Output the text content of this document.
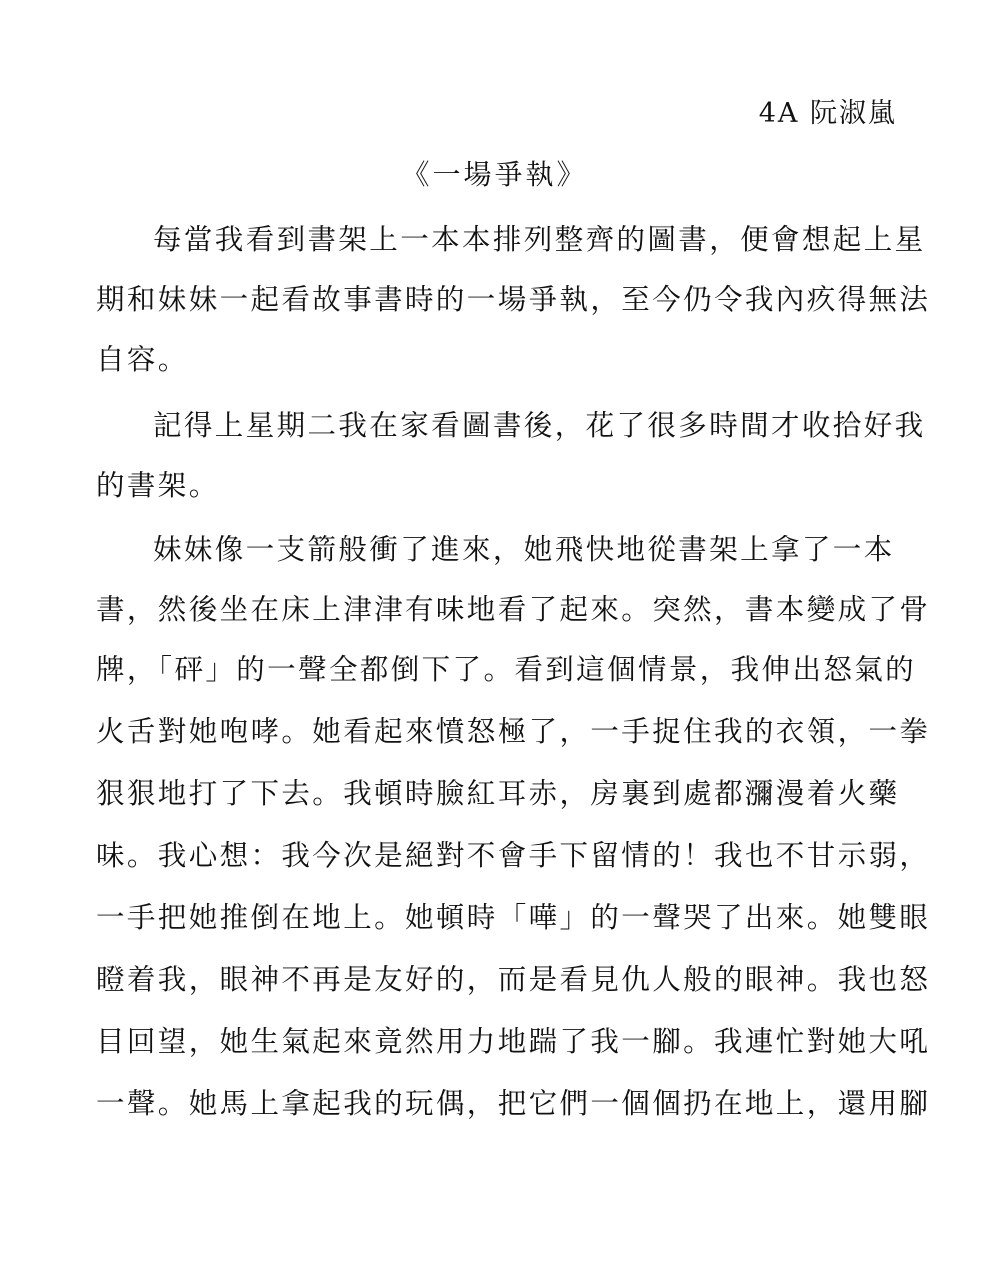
4A 阮淑嵐
《一場爭執》
每當我看到書架上一本本排列整齊的圖書，便會想起上星
期和妹妹一起看故事書時的一場爭執，至今仍令我內疚得無法
自容。
記得上星期二我在家看圖書後，花了很多時間才收拾好我
的書架。
妹妹像一支箭般衝了進來，她飛快地從書架上拿了一本
書，然後坐在床上津津有味地看了起來。突然，書本變成了骨
牌，「砰」的一聲全都倒下了。看到這個情景，我伸出怒氣的
火舌對她咆哮。她看起來憤怒極了，一手捉住我的衣領，一拳
狠狠地打了下去。我頓時臉紅耳赤，房裏到處都瀰漫着火藥
味。我心想：我今次是絕對不會手下留情的！我也不甘示弱，
一手把她推倒在地上。她頓時「嘩」的一聲哭了出來。她雙眼
瞪着我，眼神不再是友好的，而是看見仇人般的眼神。我也怒
目回望，她生氣起來竟然用力地踹了我一腳。我連忙對她大吼
一聲。她馬上拿起我的玩偶，把它們一個個扔在地上，還用腳
